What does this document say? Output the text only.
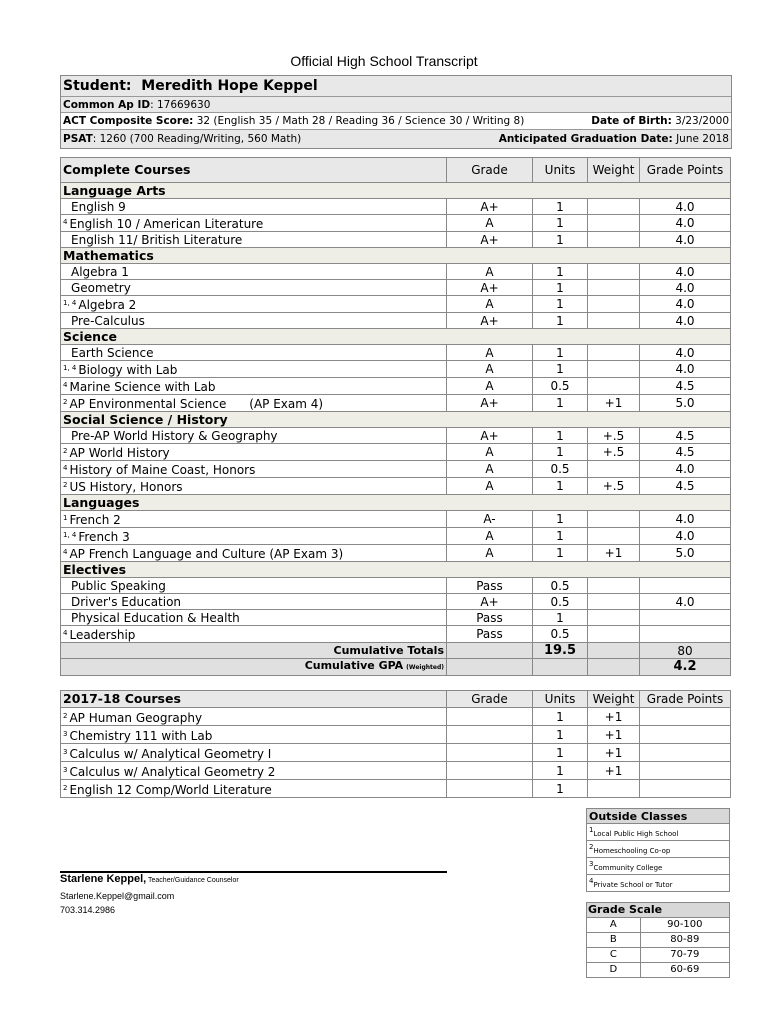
Official High School Transcript
Student: Meredith Hope Keppel
Common Ap ID: 17669630
ACT Composite Score: 32 (English 35 / Math 28 / Reading 36 / Science 30 / Writing 8)	Date of Birth: 3/23/2000
PSAT: 1260 (700 Reading/Writing, 560 Math)	Anticipated Graduation Date: June 2018
Complete Courses	Grade	Units	Weight	Grade Points
Language Arts				
English 9	A+	1		4.0
$^4$ English 10 / American Literature	A	1		4.0
English 11/ British Literature	A+	1		4.0
Mathematics				
Algebra 1	A	1		4.0
Geometry	A+	1		4.0
$^{1, 4}$ Algebra 2	A	1		4.0
Pre-Calculus	A+	1		4.0
Science				
Earth Science	A	1		4.0
$^{1, 4}$ Biology with Lab	A	1		4.0
$^4$ Marine Science with Lab	A	0.5		4.5
$^2$ AP Environmental Science      (AP Exam 4)	A+	1	+1	5.0
Social Science / History				
Pre-AP World History & Geography	A+	1	+.5	4.5
$^2$ AP World History	A	1	+.5	4.5
$^4$ History of Maine Coast, Honors	A	0.5		4.0
$^2$ US History, Honors	A	1	+.5	4.5
Languages				
$^1$ French 2	A-	1		4.0
$^{1, 4}$ French 3	A	1		4.0
$^4$ AP French Language and Culture (AP Exam 3)	A	1	+1	5.0
Electives				
Public Speaking	Pass	0.5		
Driver's Education	A+	0.5		4.0
Physical Education & Health	Pass	1		
$^4$ Leadership	Pass	0.5		
Cumulative Totals		19.5		80
Cumulative GPA (Weighted)				4.2
2017-18 Courses	Grade	Units	Weight	Grade Points
$^2$ AP Human Geography		1	+1	
$^3$ Chemistry 111 with Lab		1	+1	
$^3$ Calculus w/ Analytical Geometry I		1	+1	
$^3$ Calculus w/ Analytical Geometry 2		1	+1	
$^2$ English 12 Comp/World Literature		1		
Outside Classes
$^1$Local Public High School
$^2$Homeschooling Co-op
$^3$Community College
$^4$Private School or Tutor
Starlene Keppel, Teacher/Guidance Counselor
Starlene.Keppel@gmail.com
703.314.2986	Grade Scale	
A	90-100
B	80-89
C	70-79
D	60-69
